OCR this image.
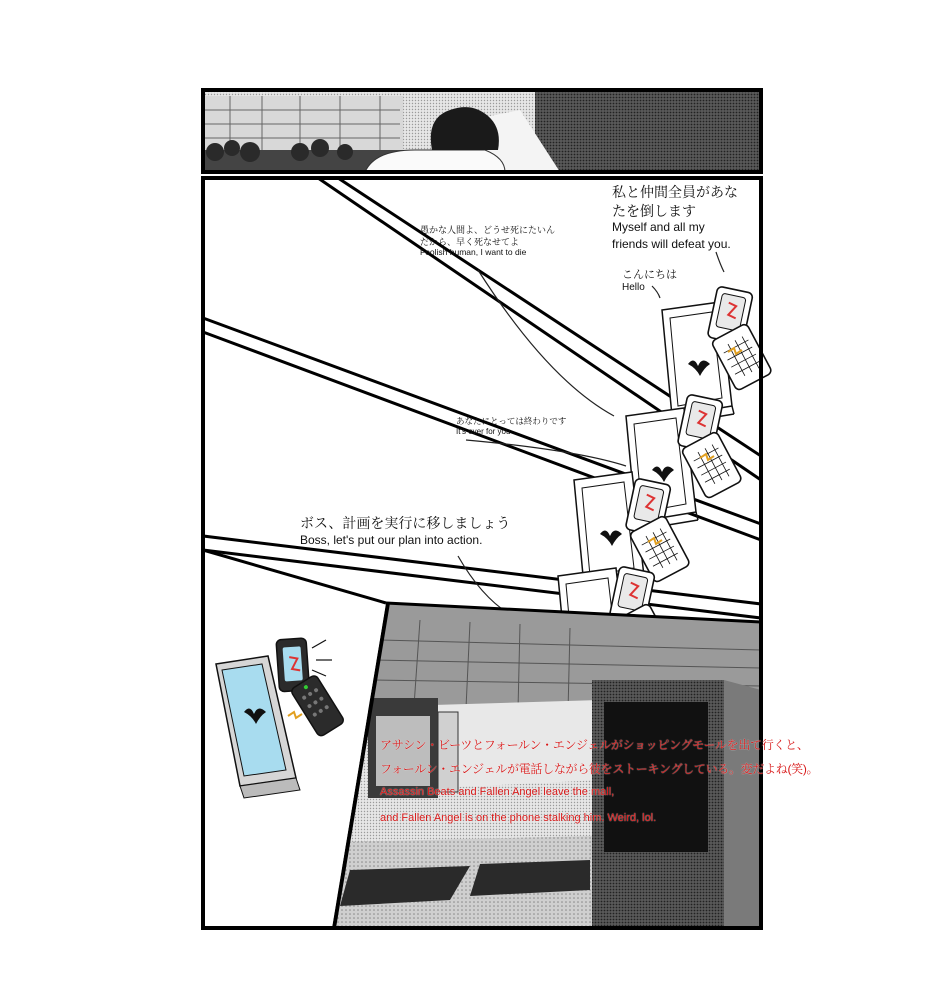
私と仲間全員があな
たを倒します
Myself and all my
friends will defeat you.
こんにちは
Hello
愚かな人間よ、どうせ死にたいん
だから、早く死なせてよ
Foolish human, I want to die
あなたにとっては終わりです
It's over for you
ボス、計画を実行に移しましょう
Boss, let's put our plan into action.
アサシン・ビーツとフォールン・エンジェルがショッピングモールを出て行くと、
フォールン・エンジェルが電話しながら彼をストーキングしている。変だよね(笑)。
Assassin Beats and Fallen Angel leave the mall,
and Fallen Angel is on the phone stalking him. Weird, lol.
